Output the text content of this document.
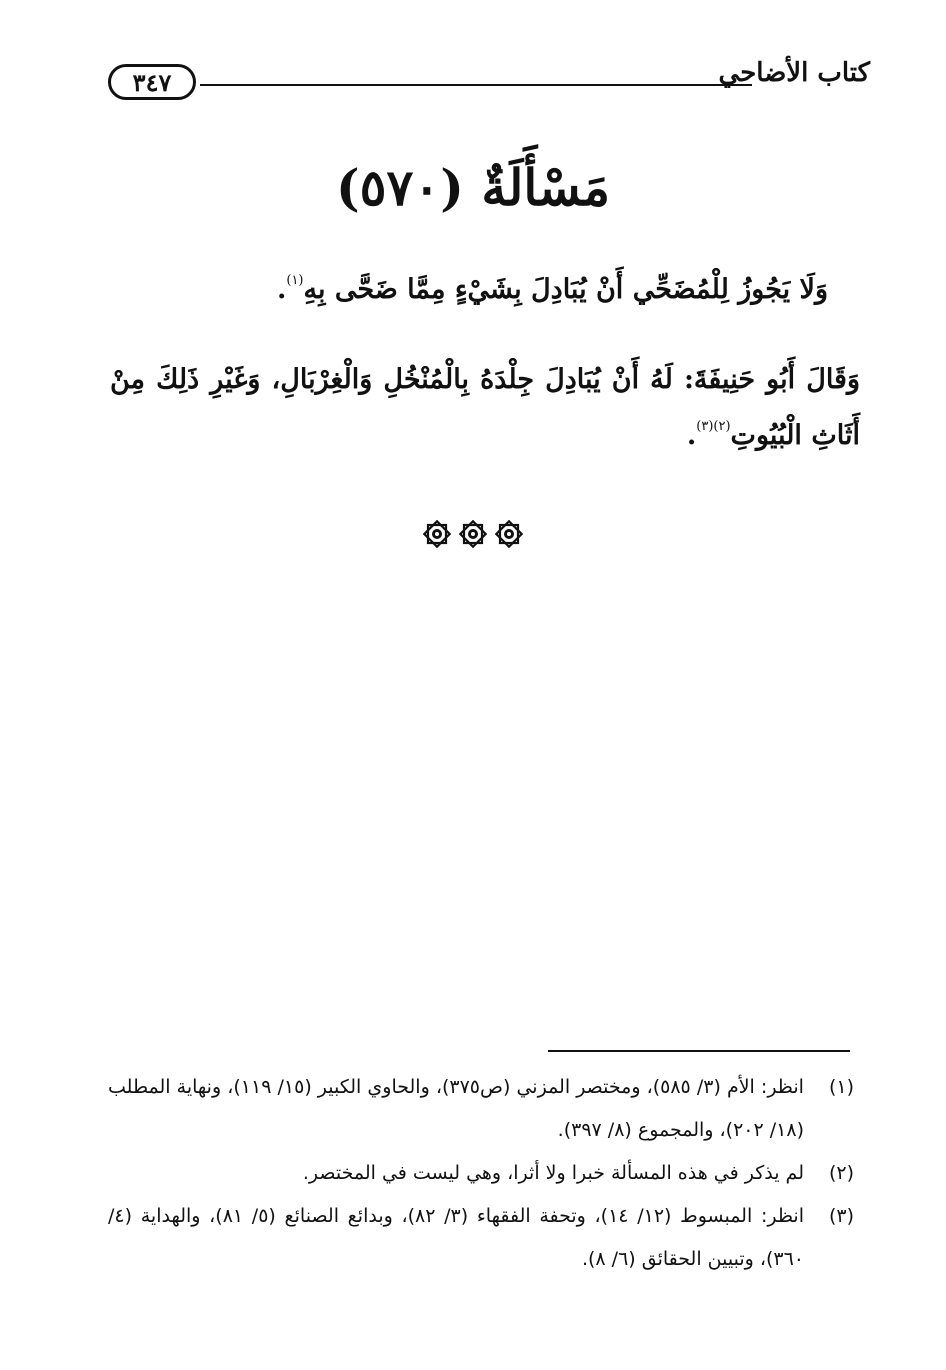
٣٤٧	كتاب الأضاحي
مَسْأَلَةٌ (٥٧٠)
وَلَا يَجُوزُ لِلْمُضَحِّي أَنْ يُبَادِلَ بِشَيْءٍ مِمَّا ضَحَّى بِهِ$^{(١)}$.
وَقَالَ أَبُو حَنِيفَةَ: لَهُ أَنْ يُبَادِلَ جِلْدَهُ بِالْمُنْخُلِ وَالْغِرْبَالِ، وَغَيْرِ ذَلِكَ مِنْ أَثَاثِ الْبُيُوتِ$^{(٢)(٣)}$.
(١)
انظر: الأم (٣/ ٥٨٥)، ومختصر المزني (ص٣٧٥)، والحاوي الكبير (١٥/ ١١٩)، ونهاية المطلب (١٨/ ٢٠٢)، والمجموع (٨/ ٣٩٧).
(٢)
لم يذكر في هذه المسألة خبرا ولا أثرا، وهي ليست في المختصر.
(٣)
انظر: المبسوط (١٢/ ١٤)، وتحفة الفقهاء (٣/ ٨٢)، وبدائع الصنائع (٥/ ٨١)، والهداية (٤/ ٣٦٠)، وتبيين الحقائق (٦/ ٨).
